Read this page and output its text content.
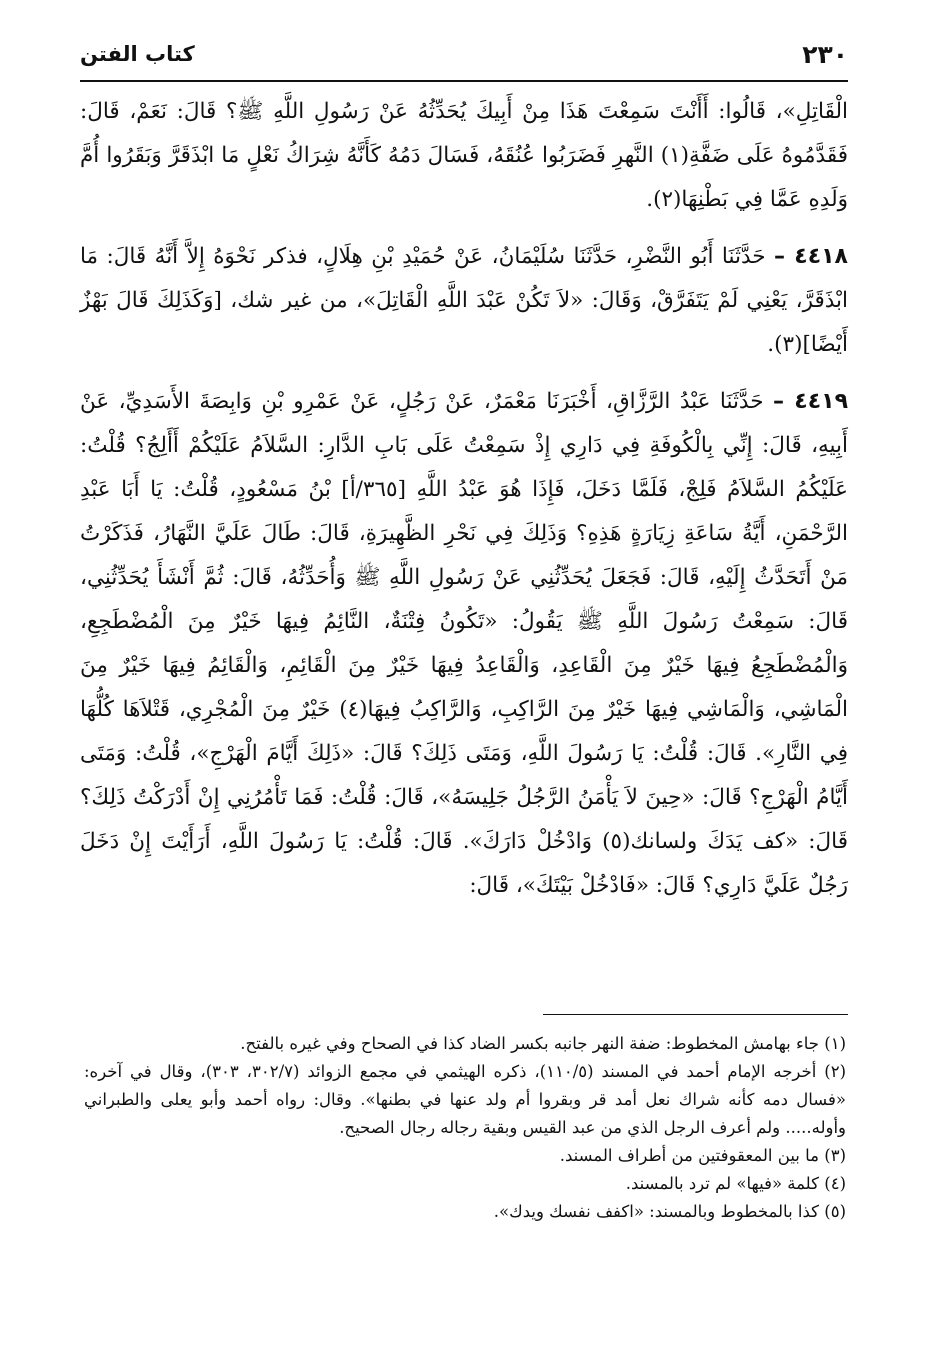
كتاب الفتن	٢٣٠

الْقَاتِلِ»، قَالُوا: أَأَنْتَ سَمِعْتَ هَذَا مِنْ أَبِيكَ يُحَدِّثُهُ عَنْ رَسُولِ اللَّهِ ﷺ؟ قَالَ: نَعَمْ، قَالَ: فَقَدَّمُوهُ عَلَى ضَفَّةِ(١) النَّهرِ فَضَرَبُوا عُنُقَهُ، فَسَالَ دَمُهُ كَأَنَّهُ شِرَاكُ نَعْلٍ مَا ابْذَقَرَّ وَبَقَرُوا أُمَّ وَلَدِهِ عَمَّا فِي بَطْنِهَا(٢).

٤٤١٨ – حَدَّثَنَا أَبُو النَّضْرِ، حَدَّثَنَا سُلَيْمَانُ، عَنْ حُمَيْدِ بْنِ هِلَالٍ، فذكر نَحْوَهُ إِلاَّ أَنَّهُ قَالَ: مَا ابْذَقَرَّ، يَعْنِي لَمْ يَتَفَرَّقْ، وَقَالَ: «لاَ تَكُنْ عَبْدَ اللَّهِ الْقَاتِلَ»، من غير شك، [وَكَذَلِكَ قَالَ بَهْزٌ أَيْضًا](٣).

٤٤١٩ – حَدَّثَنَا عَبْدُ الرَّزَّاقِ، أَخْبَرَنَا مَعْمَرٌ، عَنْ رَجُلٍ، عَنْ عَمْرِو بْنِ وَابِصَةَ الأَسَدِيِّ، عَنْ أَبِيهِ، قَالَ: إِنِّي بِالْكُوفَةِ فِي دَارِي إِذْ سَمِعْتُ عَلَى بَابِ الدَّارِ: السَّلاَمُ عَلَيْكُمْ أَأَلِجُ؟ قُلْتُ: عَلَيْكُمُ السَّلاَمُ فَلِجْ، فَلَمَّا دَخَلَ، فَإِذَا هُوَ عَبْدُ اللَّهِ [٣٦٥/أ] بْنُ مَسْعُودٍ، قُلْتُ: يَا أَبَا عَبْدِ الرَّحْمَنِ، أَيَّةُ سَاعَةِ زِيَارَةٍ هَذِهِ؟ وَذَلِكَ فِي نَحْرِ الظَّهِيرَةِ، قَالَ: طَالَ عَلَيَّ النَّهَارُ، فَذَكَرْتُ مَنْ أَتَحَدَّثُ إِلَيْهِ، قَالَ: فَجَعَلَ يُحَدِّثُنِي عَنْ رَسُولِ اللَّهِ ﷺ وَأُحَدِّثُهُ، قَالَ: ثُمَّ أَنْشَأَ يُحَدِّثُنِي، قَالَ: سَمِعْتُ رَسُولَ اللَّهِ ﷺ يَقُولُ: «تَكُونُ فِتْنَةٌ، النَّائِمُ فِيهَا خَيْرٌ مِنَ الْمُضْطَجِعِ، وَالْمُضْطَجِعُ فِيهَا خَيْرٌ مِنَ الْقَاعِدِ، وَالْقَاعِدُ فِيهَا خَيْرٌ مِنَ الْقَائِمِ، وَالْقَائِمُ فِيهَا خَيْرٌ مِنَ الْمَاشِي، وَالْمَاشِي فِيهَا خَيْرٌ مِنَ الرَّاكِبِ، وَالرَّاكِبُ فِيهَا(٤) خَيْرٌ مِنَ الْمُجْرِي، قَتْلاَهَا كُلُّهَا فِي النَّارِ». قَالَ: قُلْتُ: يَا رَسُولَ اللَّهِ، وَمَتَى ذَلِكَ؟ قَالَ: «ذَلِكَ أَيَّامَ الْهَرْجِ»، قُلْتُ: وَمَتَى أَيَّامُ الْهَرْجِ؟ قَالَ: «حِينَ لاَ يَأْمَنُ الرَّجُلُ جَلِيسَهُ»، قَالَ: قُلْتُ: فَمَا تَأْمُرُنِي إِنْ أَدْرَكْتُ ذَلِكَ؟ قَالَ: «كف يَدَكَ ولسانك(٥) وَادْخُلْ دَارَكَ». قَالَ: قُلْتُ: يَا رَسُولَ اللَّهِ، أَرَأَيْتَ إِنْ دَخَلَ رَجُلٌ عَلَيَّ دَارِي؟ قَالَ: «فَادْخُلْ بَيْتَكَ»، قَالَ:

(١) جاء بهامش المخطوط: ضفة النهر جانبه بكسر الضاد كذا في الصحاح وفي غيره بالفتح.

(٢) أخرجه الإمام أحمد في المسند (١١٠/٥)، ذكره الهيثمي في مجمع الزوائد (٣٠٢/٧، ٣٠٣)، وقال في آخره: «فسال دمه كأنه شراك نعل أمد قر وبقروا أم ولد عنها في بطنها». وقال: رواه أحمد وأبو يعلى والطبراني وأوله..... ولم أعرف الرجل الذي من عبد القيس وبقية رجاله رجال الصحيح.

(٣) ما بين المعقوفتين من أطراف المسند.

(٤) كلمة «فيها» لم ترد بالمسند.

(٥) كذا بالمخطوط وبالمسند: «اكفف نفسك ويدك».
